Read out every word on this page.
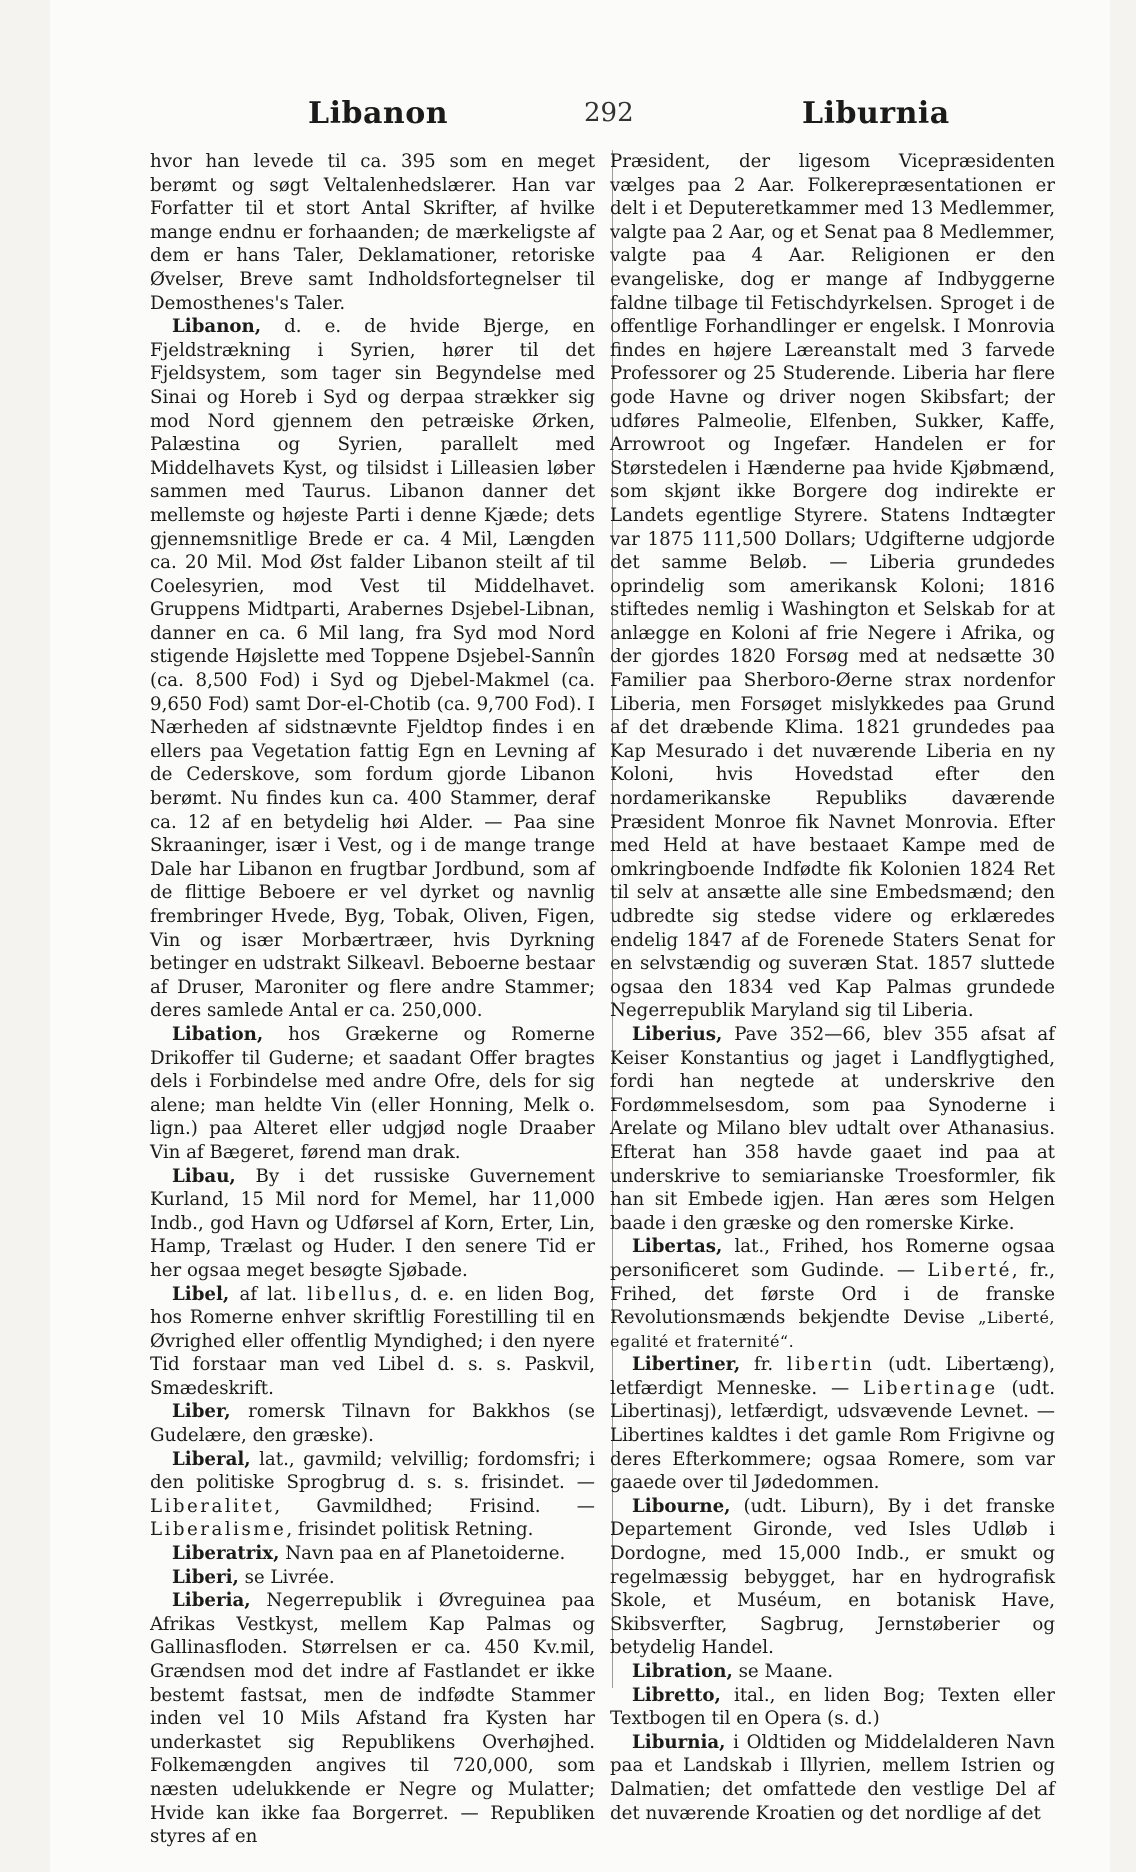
Libanon	292	Liburnia

hvor han levede til ca. 395 som en meget berømt og søgt Veltalenhedslærer. Han var Forfatter til et stort Antal Skrifter, af hvilke mange endnu er forhaanden; de mærkeligste af dem er hans Taler, Deklamationer, retoriske Øvelser, Breve samt Indholdsfortegnelser til Demosthenes's Taler.

Libanon, d. e. de hvide Bjerge, en Fjeldstrækning i Syrien, hører til det Fjeldsystem, som tager sin Begyndelse med Sinai og Horeb i Syd og derpaa strækker sig mod Nord gjennem den petræiske Ørken, Palæstina og Syrien, parallelt med Middelhavets Kyst, og tilsidst i Lilleasien løber sammen med Taurus. Libanon danner det mellemste og højeste Parti i denne Kjæde; dets gjennemsnitlige Brede er ca. 4 Mil, Længden ca. 20 Mil. Mod Øst falder Libanon steilt af til Coelesyrien, mod Vest til Middelhavet. Gruppens Midtparti, Arabernes Dsjebel-Libnan, danner en ca. 6 Mil lang, fra Syd mod Nord stigende Højslette med Toppene Dsjebel-Sannîn (ca. 8,500 Fod) i Syd og Djebel-Makmel (ca. 9,650 Fod) samt Dor-el-Chotib (ca. 9,700 Fod). I Nærheden af sidstnævnte Fjeldtop findes i en ellers paa Vegetation fattig Egn en Levning af de Cederskove, som fordum gjorde Libanon berømt. Nu findes kun ca. 400 Stammer, deraf ca. 12 af en betydelig høi Alder. — Paa sine Skraaninger, især i Vest, og i de mange trange Dale har Libanon en frugtbar Jordbund, som af de flittige Beboere er vel dyrket og navnlig frembringer Hvede, Byg, Tobak, Oliven, Figen, Vin og især Morbærtræer, hvis Dyrkning betinger en udstrakt Silkeavl. Beboerne bestaar af Druser, Maroniter og flere andre Stammer; deres samlede Antal er ca. 250,000.

Libation, hos Grækerne og Romerne Drikoffer til Guderne; et saadant Offer bragtes dels i Forbindelse med andre Ofre, dels for sig alene; man heldte Vin (eller Honning, Melk o. lign.) paa Alteret eller udgjød nogle Draaber Vin af Bægeret, førend man drak.

Libau, By i det russiske Guvernement Kurland, 15 Mil nord for Memel, har 11,000 Indb., god Havn og Udførsel af Korn, Erter, Lin, Hamp, Trælast og Huder. I den senere Tid er her ogsaa meget besøgte Sjøbade.

Libel, af lat. libellus, d. e. en liden Bog, hos Romerne enhver skriftlig Forestilling til en Øvrighed eller offentlig Myndighed; i den nyere Tid forstaar man ved Libel d. s. s. Paskvil, Smædeskrift.

Liber, romersk Tilnavn for Bakkhos (se Gudelære, den græske).

Liberal, lat., gavmild; velvillig; fordomsfri; i den politiske Sprogbrug d. s. s. frisindet. — Liberalitet, Gavmildhed; Frisind. — Liberalisme, frisindet politisk Retning.

Liberatrix, Navn paa en af Planetoiderne.

Liberi, se Livrée.

Liberia, Negerrepublik i Øvreguinea paa Afrikas Vestkyst, mellem Kap Palmas og Gallinasfloden. Størrelsen er ca. 450 Kv.mil, Grændsen mod det indre af Fastlandet er ikke bestemt fastsat, men de indfødte Stammer inden vel 10 Mils Afstand fra Kysten har underkastet sig Republikens Overhøjhed. Folkemængden angives til 720,000, som næsten udelukkende er Negre og Mulatter; Hvide kan ikke faa Borgerret. — Republiken styres af en

Præsident, der ligesom Vicepræsidenten vælges paa 2 Aar. Folkerepræsentationen er delt i et Deputeretkammer med 13 Medlemmer, valgte paa 2 Aar, og et Senat paa 8 Medlemmer, valgte paa 4 Aar. Religionen er den evangeliske, dog er mange af Indbyggerne faldne tilbage til Fetischdyrkelsen. Sproget i de offentlige Forhandlinger er engelsk. I Monrovia findes en højere Læreanstalt med 3 farvede Professorer og 25 Studerende. Liberia har flere gode Havne og driver nogen Skibsfart; der udføres Palmeolie, Elfenben, Sukker, Kaffe, Arrowroot og Ingefær. Handelen er for Størstedelen i Hænderne paa hvide Kjøbmænd, som skjønt ikke Borgere dog indirekte er Landets egentlige Styrere. Statens Indtægter var 1875 111,500 Dollars; Udgifterne udgjorde det samme Beløb. — Liberia grundedes oprindelig som amerikansk Koloni; 1816 stiftedes nemlig i Washington et Selskab for at anlægge en Koloni af frie Negere i Afrika, og der gjordes 1820 Forsøg med at nedsætte 30 Familier paa Sherboro-Øerne strax nordenfor Liberia, men Forsøget mislykkedes paa Grund af det dræbende Klima. 1821 grundedes paa Kap Mesurado i det nuværende Liberia en ny Koloni, hvis Hovedstad efter den nordamerikanske Republiks daværende Præsident Monroe fik Navnet Monrovia. Efter med Held at have bestaaet Kampe med de omkringboende Indfødte fik Kolonien 1824 Ret til selv at ansætte alle sine Embedsmænd; den udbredte sig stedse videre og erklæredes endelig 1847 af de Forenede Staters Senat for en selvstændig og suveræn Stat. 1857 sluttede ogsaa den 1834 ved Kap Palmas grundede Negerrepublik Maryland sig til Liberia.

Liberius, Pave 352—66, blev 355 afsat af Keiser Konstantius og jaget i Landflygtighed, fordi han negtede at underskrive den Fordømmelsesdom, som paa Synoderne i Arelate og Milano blev udtalt over Athanasius. Efterat han 358 havde gaaet ind paa at underskrive to semiarianske Troesformler, fik han sit Embede igjen. Han æres som Helgen baade i den græske og den romerske Kirke.

Libertas, lat., Frihed, hos Romerne ogsaa personificeret som Gudinde. — Liberté, fr., Frihed, det første Ord i de franske Revolutionsmænds bekjendte Devise „Liberté, egalité et fraternité“.

Libertiner, fr. libertin (udt. Libertæng), letfærdigt Menneske. — Libertinage (udt. Libertinasj), letfærdigt, udsvævende Levnet. — Libertines kaldtes i det gamle Rom Frigivne og deres Efterkommere; ogsaa Romere, som var gaaede over til Jødedommen.

Libourne, (udt. Liburn), By i det franske Departement Gironde, ved Isles Udløb i Dordogne, med 15,000 Indb., er smukt og regelmæssig bebygget, har en hydrografisk Skole, et Muséum, en botanisk Have, Skibsverfter, Sagbrug, Jernstøberier og betydelig Handel.

Libration, se Maane.

Libretto, ital., en liden Bog; Texten eller Textbogen til en Opera (s. d.)

Liburnia, i Oldtiden og Middelalderen Navn paa et Landskab i Illyrien, mellem Istrien og Dalmatien; det omfattede den vestlige Del af det nuværende Kroatien og det nordlige af det
